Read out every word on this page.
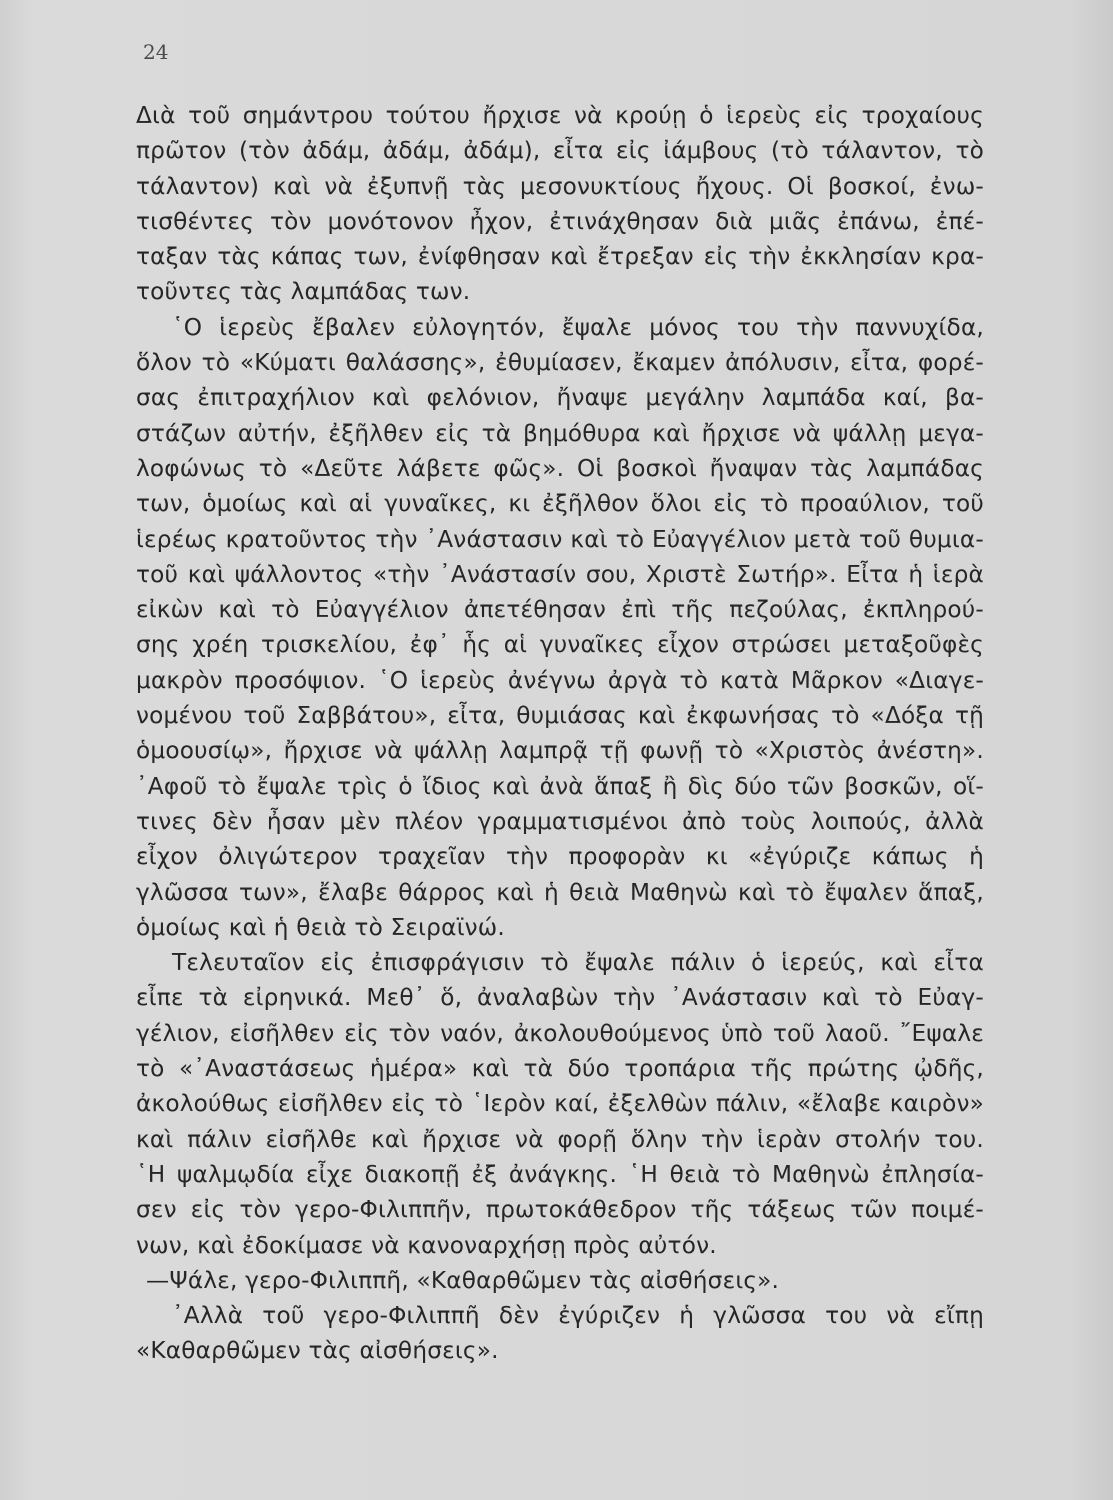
24
Διὰ τοῦ σημάντρου τούτου ἤρχισε νὰ κρούῃ ὁ ἱερεὺς εἰς τροχαίους
πρῶτον (τὸν ἀδάμ, ἀδάμ, ἀδάμ), εἶτα εἰς ἰάμβους (τὸ τάλαντον, τὸ
τάλαντον) καὶ νὰ ἐξυπνῇ τὰς μεσονυκτίους ἤχους. Οἱ βοσκοί, ἐνω-
τισθέντες τὸν μονότονον ἦχον, ἐτινάχθησαν διὰ μιᾶς ἐπάνω, ἐπέ-
ταξαν τὰς κάπας των, ἐνίφθησαν καὶ ἔτρεξαν εἰς τὴν ἐκκλησίαν κρα-
τοῦντες τὰς λαμπάδας των.
῾Ο ἱερεὺς ἔβαλεν εὐλογητόν, ἔψαλε μόνος του τὴν παννυχίδα,
ὅλον τὸ «Κύματι θαλάσσης», ἐθυμίασεν, ἔκαμεν ἀπόλυσιν, εἶτα, φορέ-
σας ἐπιτραχήλιον καὶ φελόνιον, ἤναψε μεγάλην λαμπάδα καί, βα-
στάζων αὐτήν, ἐξῆλθεν εἰς τὰ βημόθυρα καὶ ἤρχισε νὰ ψάλλῃ μεγα-
λοφώνως τὸ «Δεῦτε λάβετε φῶς». Οἱ βοσκοὶ ἤναψαν τὰς λαμπάδας
των, ὁμοίως καὶ αἱ γυναῖκες, κι ἐξῆλθον ὅλοι εἰς τὸ προαύλιον, τοῦ
ἱερέως κρατοῦντος τὴν ᾿Ανάστασιν καὶ τὸ Εὐαγγέλιον μετὰ τοῦ θυμια-
τοῦ καὶ ψάλλοντος «τὴν ᾿Ανάστασίν σου, Χριστὲ Σωτήρ». Εἶτα ἡ ἱερὰ
εἰκὼν καὶ τὸ Εὐαγγέλιον ἀπετέθησαν ἐπὶ τῆς πεζούλας, ἐκπληρού-
σης χρέη τρισκελίου, ἐφ᾿ ἧς αἱ γυναῖκες εἶχον στρώσει μεταξοῦφὲς
μακρὸν προσόψιον. ῾Ο ἱερεὺς ἀνέγνω ἀργὰ τὸ κατὰ Μᾶρκον «Διαγε-
νομένου τοῦ Σαββάτου», εἶτα, θυμιάσας καὶ ἐκφωνήσας τὸ «Δόξα τῇ
ὁμοουσίῳ», ἤρχισε νὰ ψάλλῃ λαμπρᾷ τῇ φωνῇ τὸ «Χριστὸς ἀνέστη».
᾿Αφοῦ τὸ ἔψαλε τρὶς ὁ ἴδιος καὶ ἀνὰ ἅπαξ ἢ δὶς δύο τῶν βοσκῶν, οἵ-
τινες δὲν ἦσαν μὲν πλέον γραμματισμένοι ἀπὸ τοὺς λοιπούς, ἀλλὰ
εἶχον ὀλιγώτερον τραχεῖαν τὴν προφορὰν κι «ἐγύριζε κάπως ἡ
γλῶσσα των», ἔλαβε θάρρος καὶ ἡ θειὰ Μαθηνὼ καὶ τὸ ἔψαλεν ἅπαξ,
ὁμοίως καὶ ἡ θειὰ τὸ Σειραϊνώ.
Τελευταῖον εἰς ἐπισφράγισιν τὸ ἔψαλε πάλιν ὁ ἱερεύς, καὶ εἶτα
εἶπε τὰ εἰρηνικά. Μεθ᾿ ὅ, ἀναλαβὼν τὴν ᾿Ανάστασιν καὶ τὸ Εὐαγ-
γέλιον, εἰσῆλθεν εἰς τὸν ναόν, ἀκολουθούμενος ὑπὸ τοῦ λαοῦ. ῎Εψαλε
τὸ «᾿Αναστάσεως ἡμέρα» καὶ τὰ δύο τροπάρια τῆς πρώτης ᾠδῆς,
ἀκολούθως εἰσῆλθεν εἰς τὸ ῾Ιερὸν καί, ἐξελθὼν πάλιν, «ἔλαβε καιρὸν»
καὶ πάλιν εἰσῆλθε καὶ ἤρχισε νὰ φορῇ ὅλην τὴν ἱερὰν στολήν του.
῾Η ψαλμῳδία εἶχε διακοπῇ ἐξ ἀνάγκης. ῾Η θειὰ τὸ Μαθηνὼ ἐπλησία-
σεν εἰς τὸν γερο-Φιλιππῆν, πρωτοκάθεδρον τῆς τάξεως τῶν ποιμέ-
νων, καὶ ἐδοκίμασε νὰ κανοναρχήσῃ πρὸς αὐτόν.
—Ψάλε, γερο-Φιλιππῆ, «Καθαρθῶμεν τὰς αἰσθήσεις».
᾿Αλλὰ τοῦ γερο-Φιλιππῆ δὲν ἐγύριζεν ἡ γλῶσσα του νὰ εἴπῃ
«Καθαρθῶμεν τὰς αἰσθήσεις».
